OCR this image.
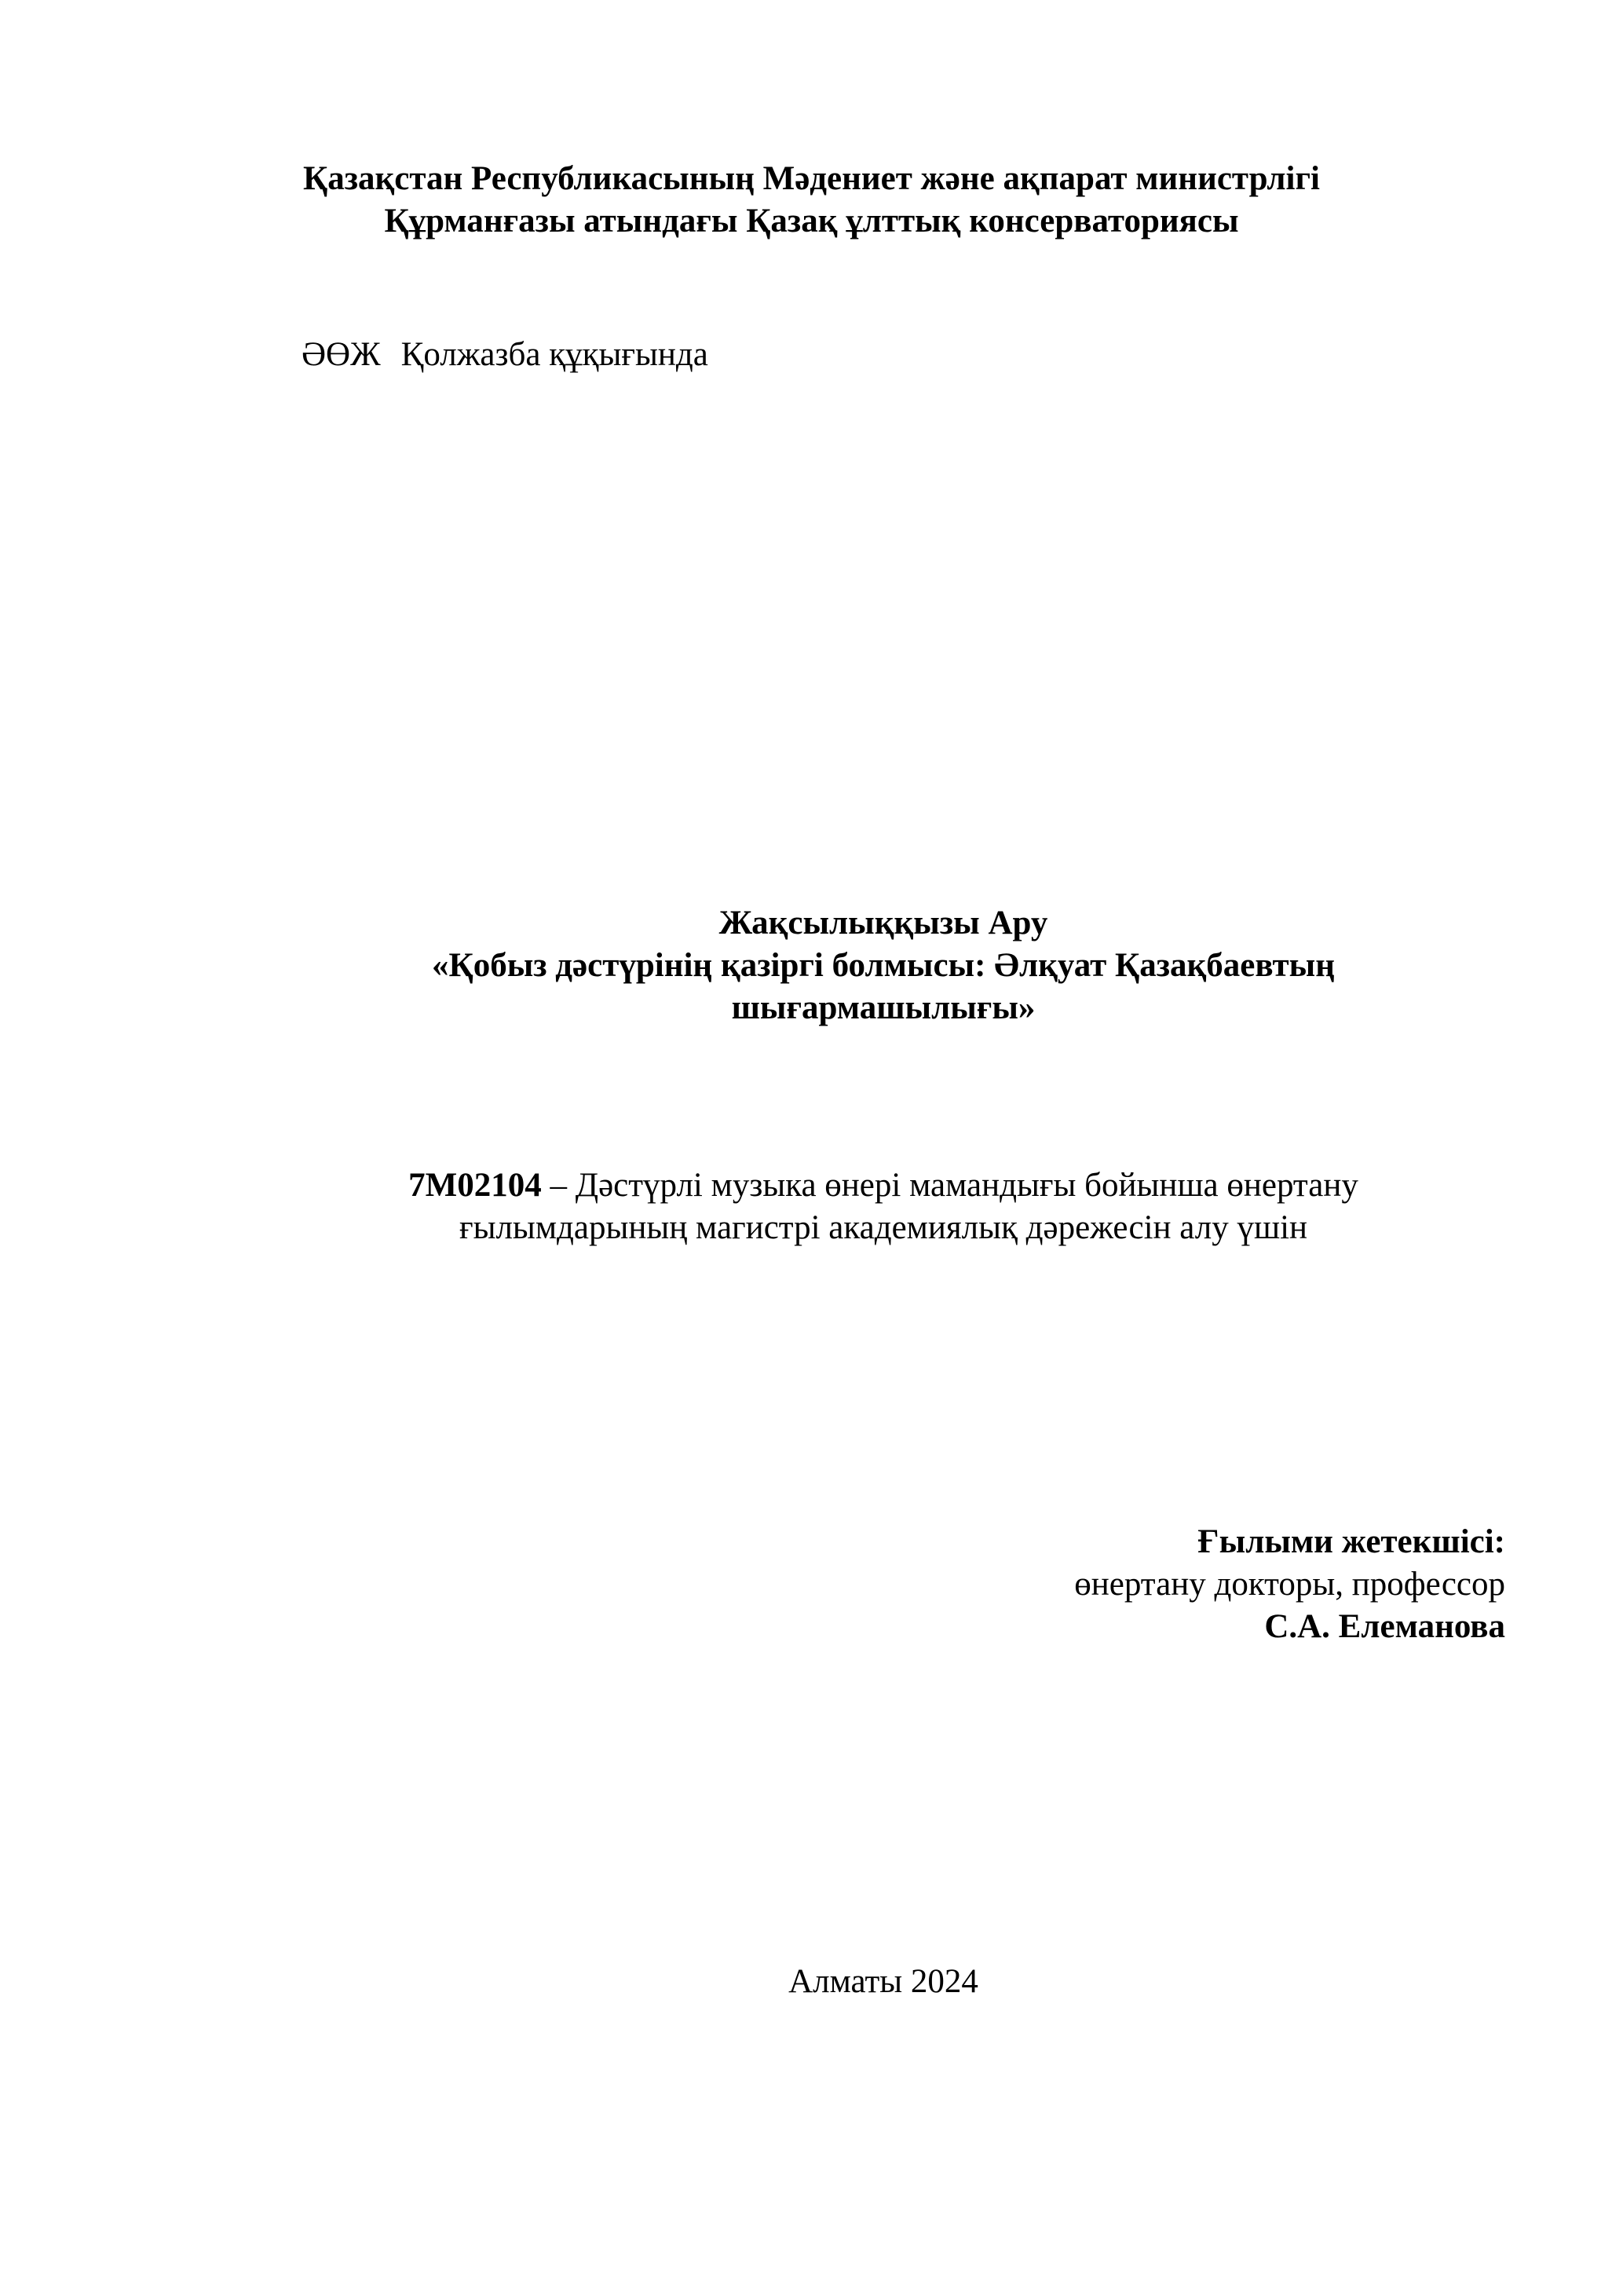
Қазақстан Республикасының Мәдениет және ақпарат министрлігі
Құрманғазы атындағы Қазақ ұлттық консерваториясы
ӘӨЖ Қолжазба құқығында
Жақсылыққызы Ару
«Қобыз дәстүрінің қазіргі болмысы: Әлқуат Қазақбаевтың
шығармашылығы»
7М02104 – Дәстүрлі музыка өнері мамандығы бойынша өнертану
ғылымдарының магистрі академиялық дәрежесін алу үшін
Ғылыми жетекшісі:
өнертану докторы, профессор
С.А. Елеманова
Алматы 2024
